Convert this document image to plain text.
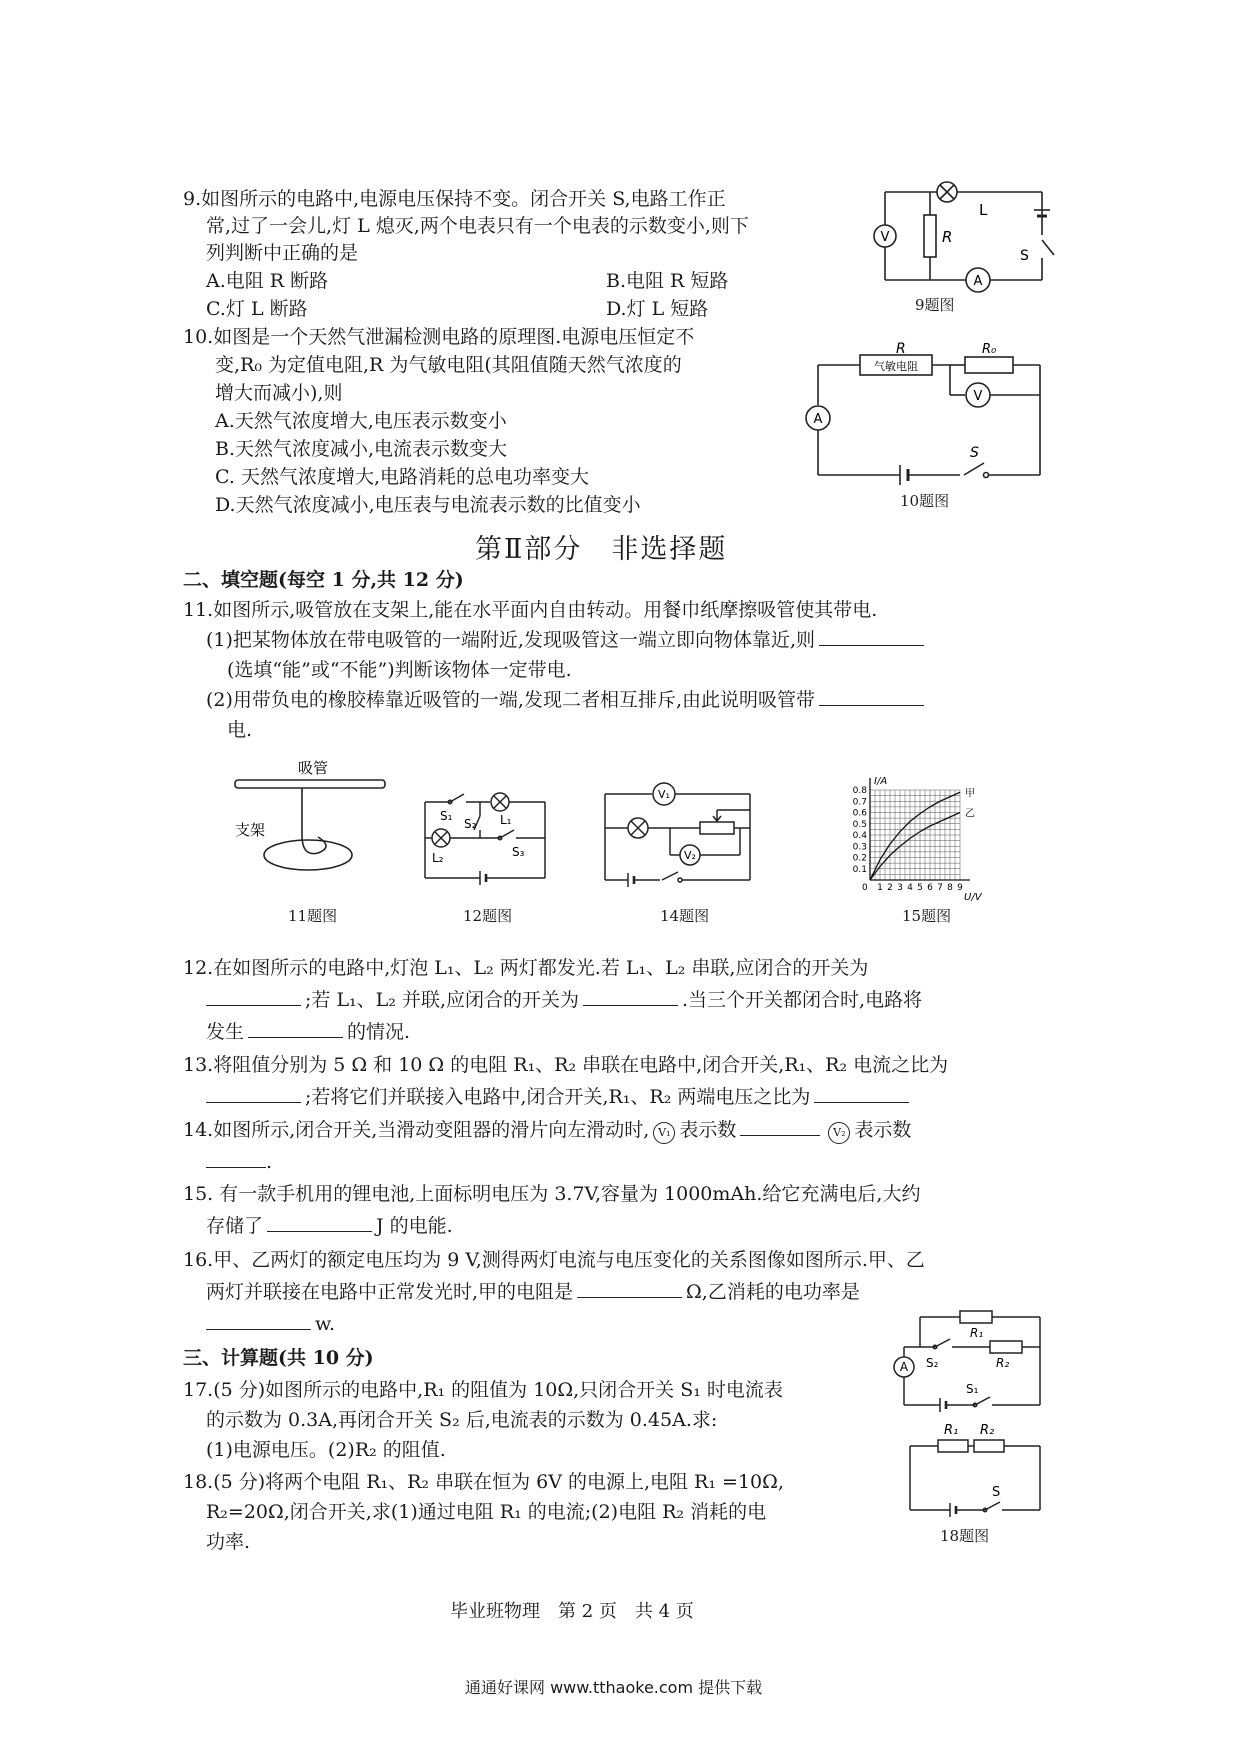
9.如图所示的电路中,电源电压保持不变。闭合开关 S,电路工作正
常,过了一会儿,灯 L 熄灭,两个电表只有一个电表的示数变小,则下
列判断中正确的是
A.电阻 R 断路	B.电阻 R 短路
C.灯 L 断路	D.灯 L 短路
V	R
L
A
S
9题图
10.如图是一个天然气泄漏检测电路的原理图.电源电压恒定不
变,R₀ 为定值电阻,R 为气敏电阻(其阻值随天然气浓度的
增大而减小),则
A.天然气浓度增大,电压表示数变小
B.天然气浓度减小,电流表示数变大
C. 天然气浓度增大,电路消耗的总电功率变大
D.天然气浓度减小,电压表与电流表示数的比值变小
R
气敏电阻
R₀
V
A
S
10题图
第Ⅱ部分　非选择题
二、填空题(每空 1 分,共 12 分)
11.如图所示,吸管放在支架上,能在水平面内自由转动。用餐巾纸摩擦吸管使其带电.
(1)把某物体放在带电吸管的一端附近,发现吸管这一端立即向物体靠近,则
(选填“能”或“不能”)判断该物体一定带电.
(2)用带负电的橡胶棒靠近吸管的一端,发现二者相互排斥,由此说明吸管带
电.
吸管
支架
11题图
S₁
S₂ L₁
L₂	S₃
12题图
V₁
V₂
14题图
U/V
I/A
0 1 2 3 4 5 6 7 8 9
0.1
0.2
0.3
0.4
0.5
0.6
0.7
0.8	甲
乙
15题图
12.在如图所示的电路中,灯泡 L₁、L₂ 两灯都发光.若 L₁、L₂ 串联,应闭合的开关为
;若 L₁、L₂ 并联,应闭合的开关为	.当三个开关都闭合时,电路将
发生	的情况.
13.将阻值分别为 5 Ω 和 10 Ω 的电阻 R₁、R₂ 串联在电路中,闭合开关,R₁、R₂ 电流之比为
;若将它们并联接入电路中,闭合开关,R₁、R₂ 两端电压之比为
14.如图所示,闭合开关,当滑动变阻器的滑片向左滑动时, V₁ 表示数	V₂ 表示数
.
15. 有一款手机用的锂电池,上面标明电压为 3.7V,容量为 1000mAh.给它充满电后,大约
存储了	J 的电能.
16.甲、乙两灯的额定电压均为 9 V,测得两灯电流与电压变化的关系图像如图所示.甲、乙
两灯并联接在电路中正常发光时,甲的电阻是	Ω,乙消耗的电功率是
w.
三、计算题(共 10 分)
17.(5 分)如图所示的电路中,R₁ 的阻值为 10Ω,只闭合开关 S₁ 时电流表
的示数为 0.3A,再闭合开关 S₂ 后,电流表的示数为 0.45A.求:
(1)电源电压。(2)R₂ 的阻值.
R₁
R₂
S₂
S₁
A
18.(5 分)将两个电阻 R₁、R₂ 串联在恒为 6V 的电源上,电阻 R₁ =10Ω,
R₂=20Ω,闭合开关,求(1)通过电阻 R₁ 的电流;(2)电阻 R₂ 消耗的电
功率.
R₁ R₂
S
18题图
毕业班物理　第 2 页　共 4 页
通通好课网 www.tthaoke.com 提供下载
